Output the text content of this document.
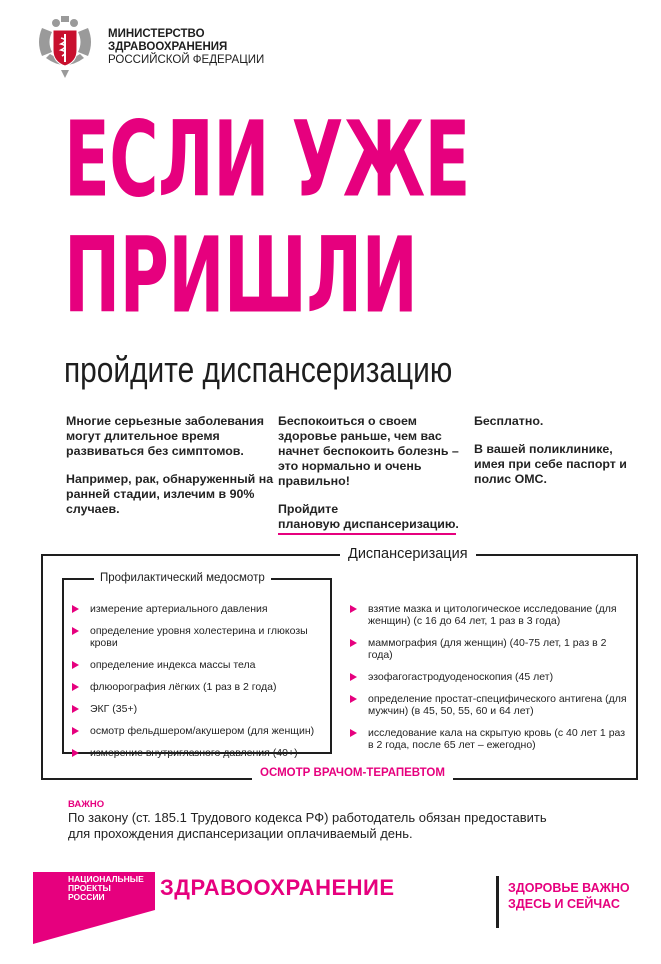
МИНИСТЕРСТВО
ЗДРАВООХРАНЕНИЯ
РОССИЙСКОЙ ФЕДЕРАЦИИ
ЕСЛИ УЖЕ
ПРИШЛИ
пройдите диспансеризацию

Многие серьезные заболевания могут длительное время развиваться без симптомов.

Например, рак, обнаруженный на ранней стадии, излечим в 90% случаев.

Беспокоиться о своем здоровье раньше, чем вас начнет беспокоить болезнь – это нормально и очень правильно!

Пройдите
плановую диспансеризацию.

Бесплатно.

В вашей поликлинике, имея при себе паспорт и полис ОМС.

Диспансеризация
Профилактический медосмотр
измерение артериального давления
определение уровня холестерина и глюкозы крови
определение индекса массы тела
флюорография лёгких (1 раз в 2 года)
ЭКГ (35+)
осмотр фельдшером/акушером (для женщин)
измерение внутриглазного давления (40+)
взятие мазка и цитологическое исследование (для женщин) (с 16 до 64 лет, 1 раз в 3 года)
маммография (для женщин) (40-75 лет, 1 раз в 2 года)
эзофагогастродуоденоскопия (45 лет)
определение простат-специфического антигена (для мужчин) (в 45, 50, 55, 60 и 64 лет)
исследование кала на скрытую кровь (с 40 лет 1 раз в 2 года, после 65 лет – ежегодно)
ОСМОТР ВРАЧОМ-ТЕРАПЕВТОМ
ВАЖНО
По закону (ст. 185.1 Трудового кодекса РФ) работодатель обязан предоставить для прохождения диспансеризации оплачиваемый день.
НАЦИОНАЛЬНЫЕ
ПРОЕКТЫ
РОССИИ	ЗДРАВООХРАНЕНИЕ	ЗДОРОВЬЕ ВАЖНО
ЗДЕСЬ И СЕЙЧАС
